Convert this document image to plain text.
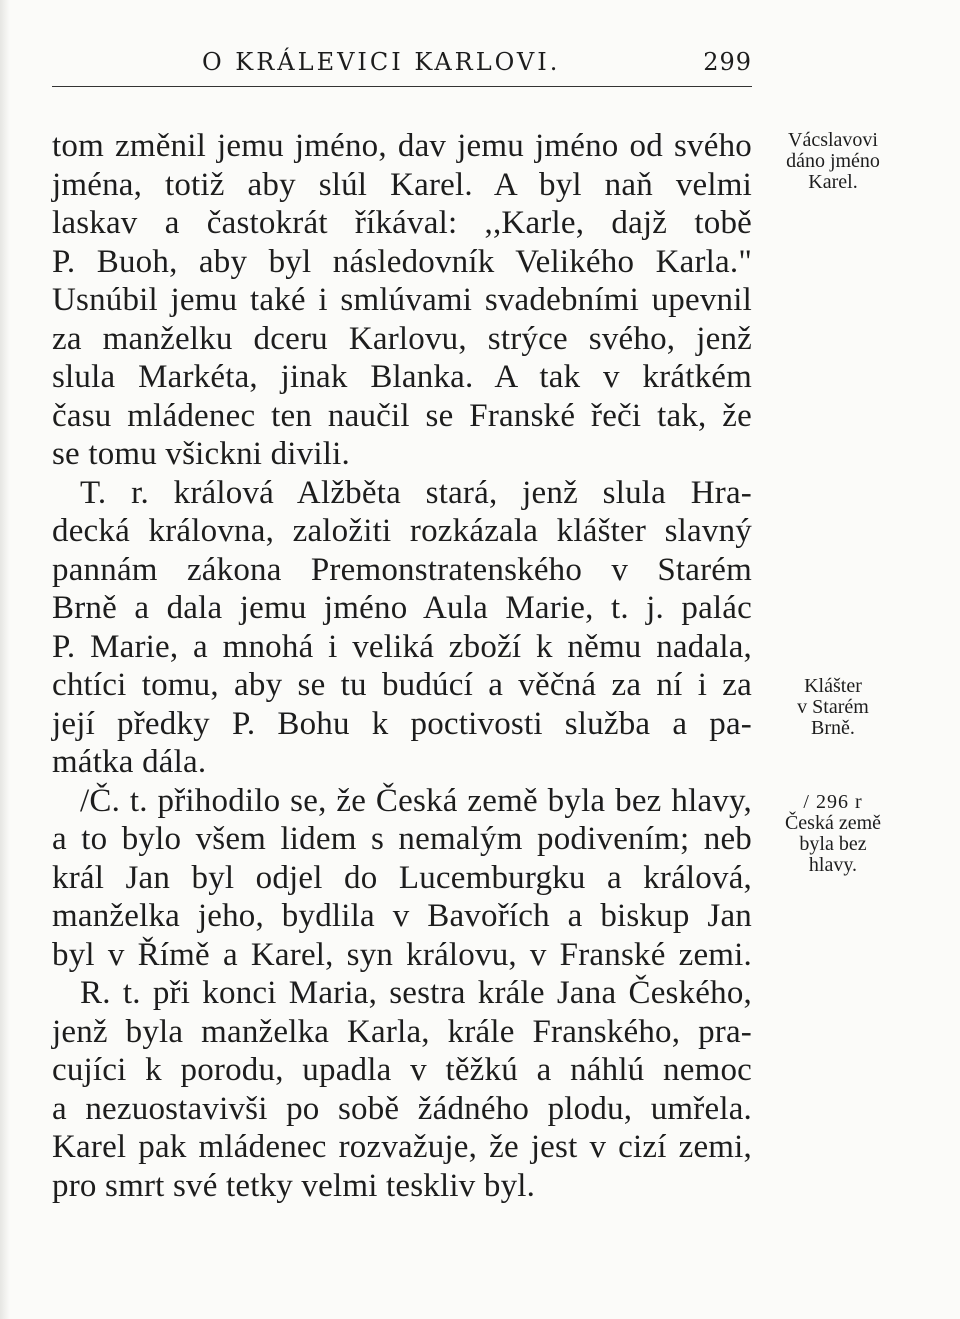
O KRÁLEVICI KARLOVI.	299
tom změnil jemu jméno, dav jemu jméno od svého
jména, totiž aby slúl Karel. A byl naň velmi
laskav a častokrát říkával: ,,Karle, dajž tobě
P. Buoh, aby byl následovník Velikého Karla."
Usnúbil jemu také i smlúvami svadebními upevnil
za manželku dceru Karlovu, strýce svého, jenž
slula Markéta, jinak Blanka. A tak v krátkém
času mládenec ten naučil se Franské řeči tak, že
se tomu všickni divili.
T. r. králová Alžběta stará, jenž slula Hra-
decká královna, založiti rozkázala klášter slavný
pannám zákona Premonstratenského v Starém
Brně a dala jemu jméno Aula Marie, t. j. palác
P. Marie, a mnohá i veliká zboží k němu nadala,
chtíci tomu, aby se tu budúcí a věčná za ní i za
její předky P. Bohu k poctivosti služba a pa-
mátka dála.
/Č. t. přihodilo se, že Česká země byla bez hlavy,
a to bylo všem lidem s nemalým podivením; neb
král Jan byl odjel do Lucemburgku a králová,
manželka jeho, bydlila v Bavořích a biskup Jan
byl v Římě a Karel, syn královu, v Franské zemi.
R. t. při konci Maria, sestra krále Jana Českého,
jenž byla manželka Karla, krále Franského, pra-
cujíci k porodu, upadla v těžkú a náhlú nemoc
a nezuostavivši po sobě žádného plodu, umřela.
Karel pak mládenec rozvažuje, že jest v cizí zemi,
pro smrt své tetky velmi teskliv byl.
Vácslavovi
dáno jméno
Karel.
Klášter
v Starém
Brně.
/ 296 r
Česká země
byla bez
hlavy.
